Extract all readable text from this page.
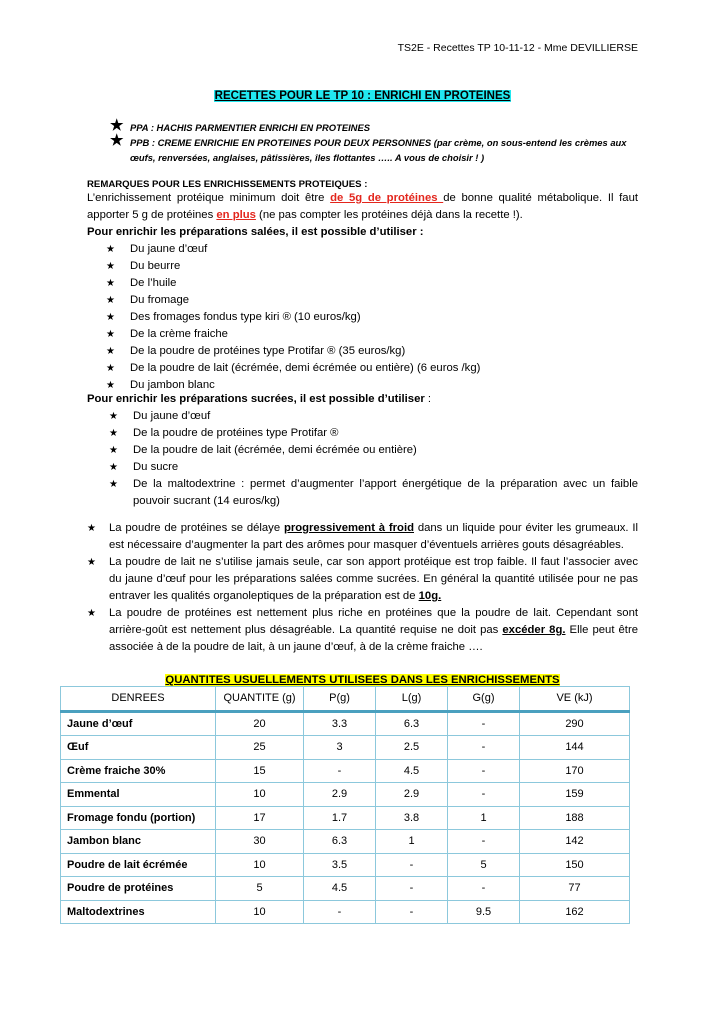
TS2E - Recettes TP 10-11-12 - Mme DEVILLIERSE
RECETTES POUR LE TP 10 : ENRICHI EN PROTEINES
★ PPA : HACHIS PARMENTIER ENRICHI EN PROTEINES
★ PPB : CREME ENRICHIE EN PROTEINES POUR DEUX PERSONNES (par crème, on sous-entend les crèmes aux œufs, renversées, anglaises, pâtissières, îles flottantes ….. A vous de choisir ! )
REMARQUES POUR LES ENRICHISSEMENTS PROTEIQUES :
L’enrichissement protéique minimum doit être de 5g de protéines de bonne qualité métabolique. Il faut apporter 5 g de protéines en plus (ne pas compter les protéines déjà dans la recette !).
Pour enrichir les préparations salées, il est possible d’utiliser :
★ Du jaune d’œuf
★ Du beurre
★ De l’huile
★ Du fromage
★ Des fromages fondus type kiri ® (10 euros/kg)
★ De la crème fraiche
★ De la poudre de protéines type Protifar ® (35 euros/kg)
★ De la poudre de lait (écrémée, demi écrémée ou entière) (6 euros /kg)
★ Du jambon blanc
Pour enrichir les préparations sucrées, il est possible d’utiliser :
★ Du jaune d’œuf
★ De la poudre de protéines type Protifar ®
★ De la poudre de lait (écrémée, demi écrémée ou entière)
★ Du sucre
★ De la maltodextrine : permet d’augmenter l’apport énergétique de la préparation avec un faible pouvoir sucrant (14 euros/kg)
★ La poudre de protéines se délaye progressivement à froid dans un liquide pour éviter les grumeaux. Il est nécessaire d’augmenter la part des arômes pour masquer d’éventuels arrières gouts désagréables.
★ La poudre de lait ne s’utilise jamais seule, car son apport protéique est trop faible. Il faut l’associer avec du jaune d’œuf pour les préparations salées comme sucrées. En général la quantité utilisée pour ne pas entraver les qualités organoleptiques de la préparation est de 10g.
★ La poudre de protéines est nettement plus riche en protéines que la poudre de lait. Cependant sont arrière-goût est nettement plus désagréable. La quantité requise ne doit pas excéder 8g. Elle peut être associée à de la poudre de lait, à un jaune d’œuf, à de la crème fraiche ….
QUANTITES USUELLEMENTS UTILISEES DANS LES ENRICHISSEMENTS
DENREES	QUANTITE (g)	P(g)	L(g)	G(g)	VE (kJ)
Jaune d’œuf	20	3.3	6.3	-	290
Œuf	25	3	2.5	-	144
Crème fraiche 30%	15	-	4.5	-	170
Emmental	10	2.9	2.9	-	159
Fromage fondu (portion)	17	1.7	3.8	1	188
Jambon blanc	30	6.3	1	-	142
Poudre de lait écrémée	10	3.5	-	5	150
Poudre de protéines	5	4.5	-	-	77
Maltodextrines	10	-	-	9.5	162
